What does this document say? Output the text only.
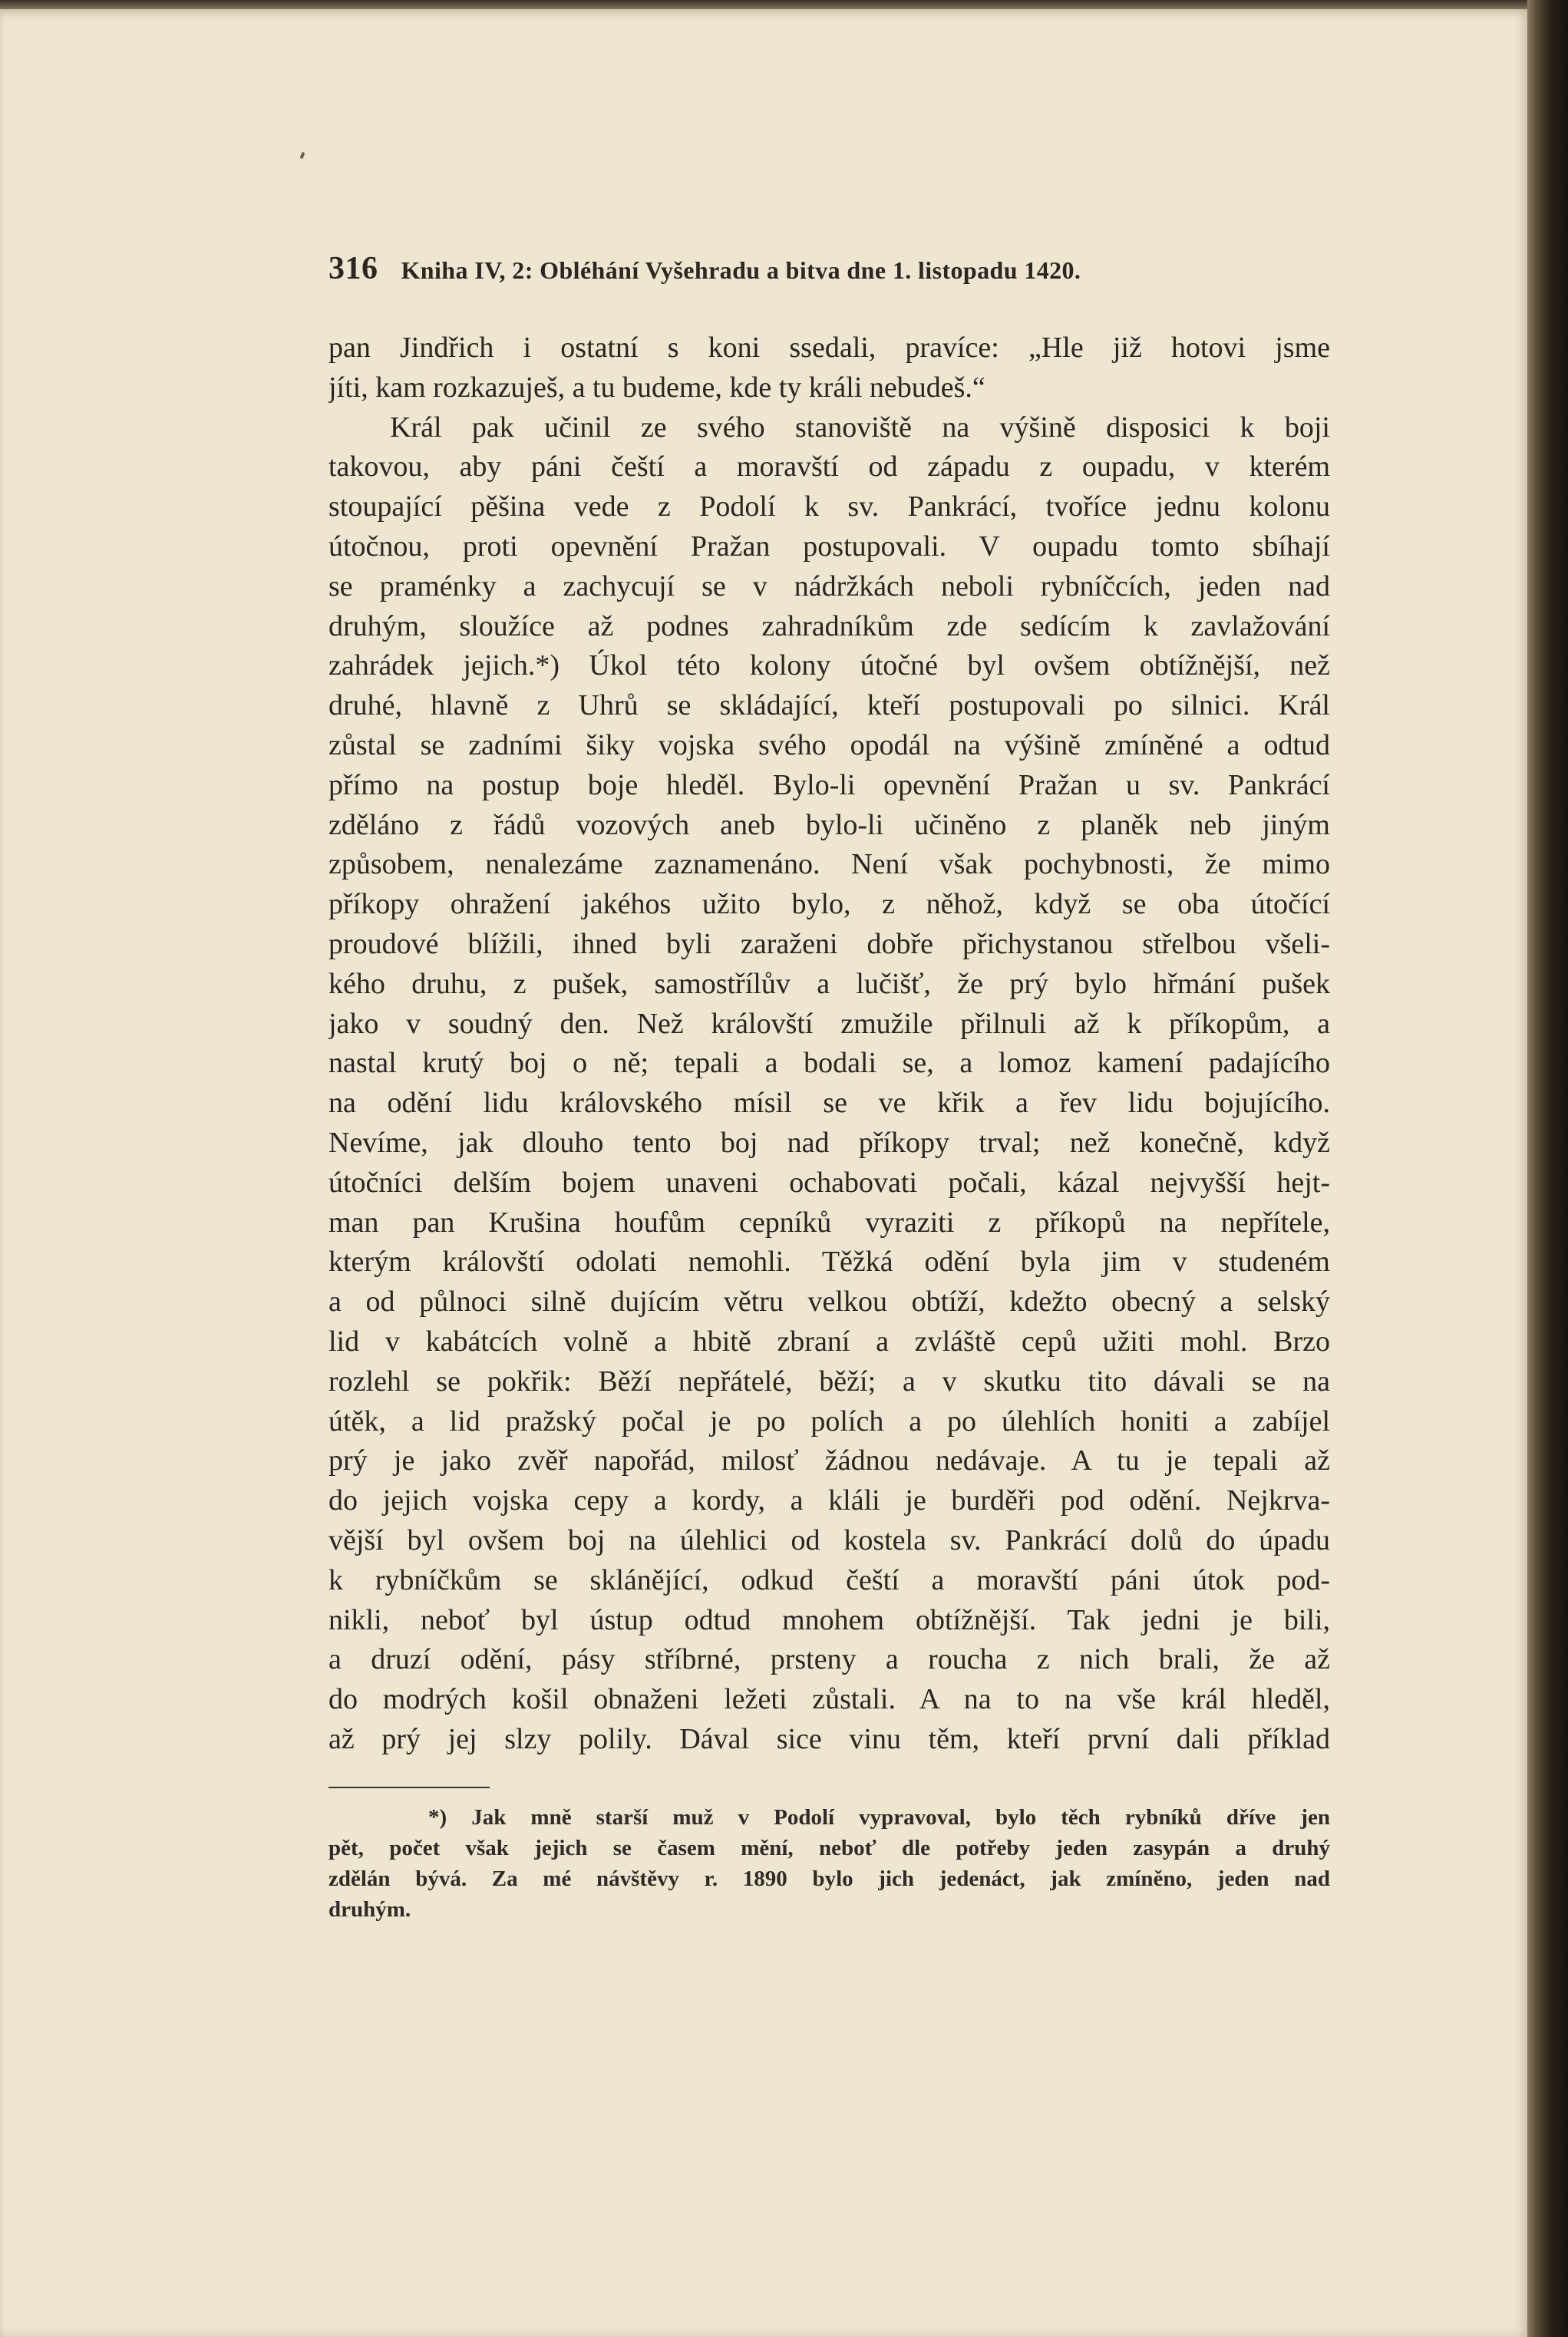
316 Kniha IV, 2: Obléhání Vyšehradu a bitva dne 1. listopadu 1420.
pan Jindřich i ostatní s koni ssedali, pravíce: „Hle již hotovi jsme
jíti, kam rozkazuješ, a tu budeme, kde ty králi nebudeš.“
Král pak učinil ze svého stanoviště na výšině disposici k boji
takovou, aby páni čeští a moravští od západu z oupadu, v kterém
stoupající pěšina vede z Podolí k sv. Pankrácí, tvoříce jednu kolonu
útočnou, proti opevnění Pražan postupovali. V oupadu tomto sbíhají
se praménky a zachycují se v nádržkách neboli rybníčcích, jeden nad
druhým, sloužíce až podnes zahradníkům zde sedícím k zavlažování
zahrádek jejich.*) Úkol této kolony útočné byl ovšem obtížnější, než
druhé, hlavně z Uhrů se skládající, kteří postupovali po silnici. Král
zůstal se zadními šiky vojska svého opodál na výšině zmíněné a odtud
přímo na postup boje hleděl. Bylo-li opevnění Pražan u sv. Pankrácí
zděláno z řádů vozových aneb bylo-li učiněno z planěk neb jiným
způsobem, nenalezáme zaznamenáno. Není však pochybnosti, že mimo
příkopy ohražení jakéhos užito bylo, z něhož, když se oba útočící
proudové blížili, ihned byli zaraženi dobře přichystanou střelbou všeli-
kého druhu, z pušek, samostřílův a lučišť, že prý bylo hřmání pušek
jako v soudný den. Než královští zmužile přilnuli až k příkopům, a
nastal krutý boj o ně; tepali a bodali se, a lomoz kamení padajícího
na odění lidu královského mísil se ve křik a řev lidu bojujícího.
Nevíme, jak dlouho tento boj nad příkopy trval; než konečně, když
útočníci delším bojem unaveni ochabovati počali, kázal nejvyšší hejt-
man pan Krušina houfům cepníků vyraziti z příkopů na nepřítele,
kterým královští odolati nemohli. Těžká odění byla jim v studeném
a od půlnoci silně dujícím větru velkou obtíží, kdežto obecný a selský
lid v kabátcích volně a hbitě zbraní a zvláště cepů užiti mohl. Brzo
rozlehl se pokřik: Běží nepřátelé, běží; a v skutku tito dávali se na
útěk, a lid pražský počal je po polích a po úlehlích honiti a zabíjel
prý je jako zvěř napořád, milosť žádnou nedávaje. A tu je tepali až
do jejich vojska cepy a kordy, a kláli je burděři pod odění. Nejkrva-
vější byl ovšem boj na úlehlici od kostela sv. Pankrácí dolů do úpadu
k rybníčkům se sklánějící, odkud čeští a moravští páni útok pod-
nikli, neboť byl ústup odtud mnohem obtížnější. Tak jedni je bili,
a druzí odění, pásy stříbrné, prsteny a roucha z nich brali, že až
do modrých košil obnaženi ležeti zůstali. A na to na vše král hleděl,
až prý jej slzy polily. Dával sice vinu těm, kteří první dali příklad
*) Jak mně starší muž v Podolí vypravoval, bylo těch rybníků dříve jen
pět, počet však jejich se časem mění, neboť dle potřeby jeden zasypán a druhý
zdělán bývá. Za mé návštěvy r. 1890 bylo jich jedenáct, jak zmíněno, jeden nad
druhým.
